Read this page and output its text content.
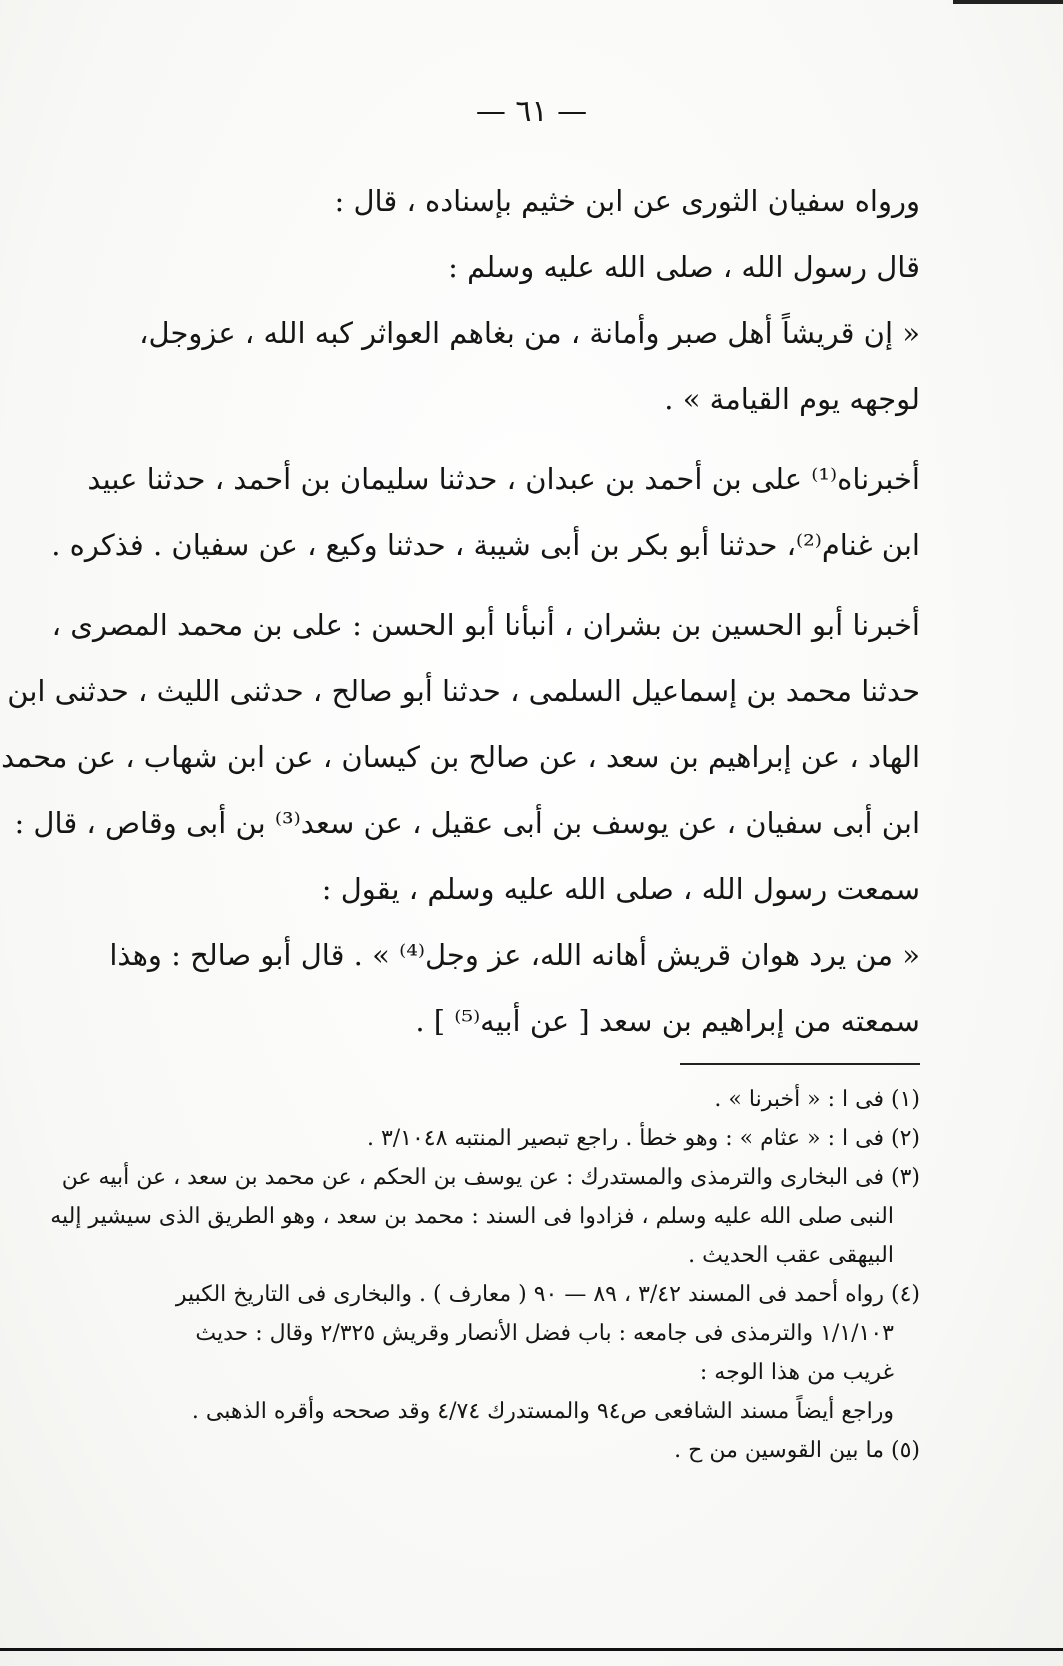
— ٦١ —
ورواه سفيان الثورى عن ابن خثيم بإسناده ، قال :
قال رسول الله ، صلى الله عليه وسلم :
« إن قريشاً أهل صبر وأمانة ، من بغاهم العواثر كبه الله ، عزوجل،
لوجهه يوم القيامة » .
أخبرناه⁽¹⁾ على بن أحمد بن عبدان ، حدثنا سليمان بن أحمد ، حدثنا عبيد
ابن غنام⁽²⁾، حدثنا أبو بكر بن أبى شيبة ، حدثنا وكيع ، عن سفيان . فذكره .
أخبرنا أبو الحسين بن بشران ، أنبأنا أبو الحسن : على بن محمد المصرى ،
حدثنا محمد بن إسماعيل السلمى ، حدثنا أبو صالح ، حدثنى الليث ، حدثنى ابن
الهاد ، عن إبراهيم بن سعد ، عن صالح بن كيسان ، عن ابن شهاب ، عن محمد
ابن أبى سفيان ، عن يوسف بن أبى عقيل ، عن سعد⁽³⁾ بن أبى وقاص ، قال :
سمعت رسول الله ، صلى الله عليه وسلم ، يقول :
« من يرد هوان قريش أهانه الله، عز وجل⁽⁴⁾ » . قال أبو صالح : وهذا
سمعته من إبراهيم بن سعد [ عن أبيه⁽⁵⁾ ] .
(١) فى ا : « أخبرنا » .
(٢) فى ا : « عثام » : وهو خطأ . راجع تبصير المنتبه ٣/١٠٤٨ .
(٣) فى البخارى والترمذى والمستدرك : عن يوسف بن الحكم ، عن محمد بن سعد ، عن أبيه عن
النبى صلى الله عليه وسلم ، فزادوا فى السند : محمد بن سعد ، وهو الطريق الذى سيشير إليه
البيهقى عقب الحديث .
(٤) رواه أحمد فى المسند ٣/٤٢ ، ٨٩ — ٩٠ ( معارف ) . والبخارى فى التاريخ الكبير
١/١/١٠٣ والترمذى فى جامعه : باب فضل الأنصار وقريش ٢/٣٢٥ وقال : حديث
غريب من هذا الوجه :
وراجع أيضاً مسند الشافعى ص٩٤ والمستدرك ٤/٧٤ وقد صححه وأقره الذهبى .
(٥) ما بين القوسين من ح .
